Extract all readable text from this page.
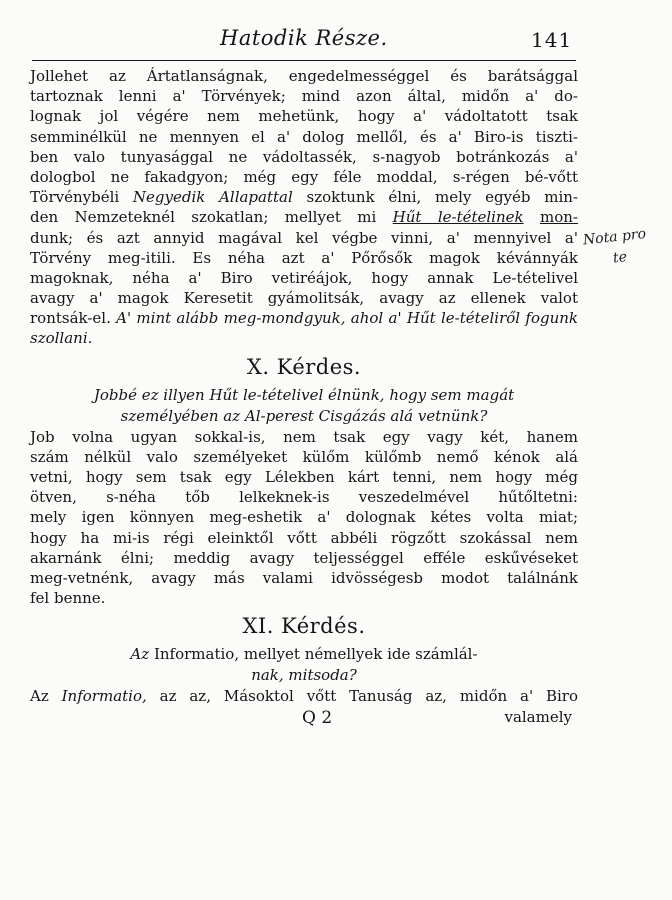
Hatodik Része.	141
Jollehet az Ártatlanságnak, engedelmességgel és barátsággal
tartoznak lenni a' Törvények; mind azon által, midőn a' do-
lognak jol végére nem mehetünk, hogy a' vádoltatott tsak
semminélkül ne mennyen el a' dolog mellől, és a' Biro-is tiszti-
ben valo tunyasággal ne vádoltassék, s-nagyob botránkozás a'
dologbol ne fakadgyon; még egy féle moddal, s-régen bé-vőtt
Törvénybéli Negyedik Allapattal szoktunk élni, mely egyéb min-
den Nemzeteknél szokatlan; mellyet mi Hűt le-tételinek mon-
dunk; és azt annyid magával kel végbe vinni, a' mennyivel a'
Törvény meg-itili. Es néha azt a' Pőrősők magok kévánnyák
magoknak, néha a' Biro vetiréájok, hogy annak Le-tételivel
avagy a' magok Keresetit gyámolitsák, avagy az ellenek valot
rontsák-el. A' mint alább meg-mondgyuk, ahol a' Hűt le-tételiről fogunk
szollani.
X. Kérdes.
Jobbé ez illyen Hűt le-tételivel élnünk, hogy sem magát
személyében az Al-perest Cisgázás alá vetnünk?
Job volna ugyan sokkal-is, nem tsak egy vagy két, hanem
szám nélkül valo személyeket külőm külőmb nemő kénok alá
vetni, hogy sem tsak egy Lélekben kárt tenni, nem hogy még
ötven, s-néha tőb lelkeknek-is veszedelmével hűtőltetni:
mely igen könnyen meg-eshetik a' dolognak kétes volta miat;
hogy ha mi-is régi eleinktől vőtt abbéli rögzőtt szokással nem
akarnánk élni; meddig avagy teljességgel efféle eskűvéseket
meg-vetnénk, avagy más valami idvösségesb modot találnánk
fel benne.
XI. Kérdés.
Az Informatio, mellyet némellyek ide számlál-
nak, mitsoda?
Az Informatio, az az, Másoktol vőtt Tanuság az, midőn a' Biro
Q 2	valamely
Nota pro
te
